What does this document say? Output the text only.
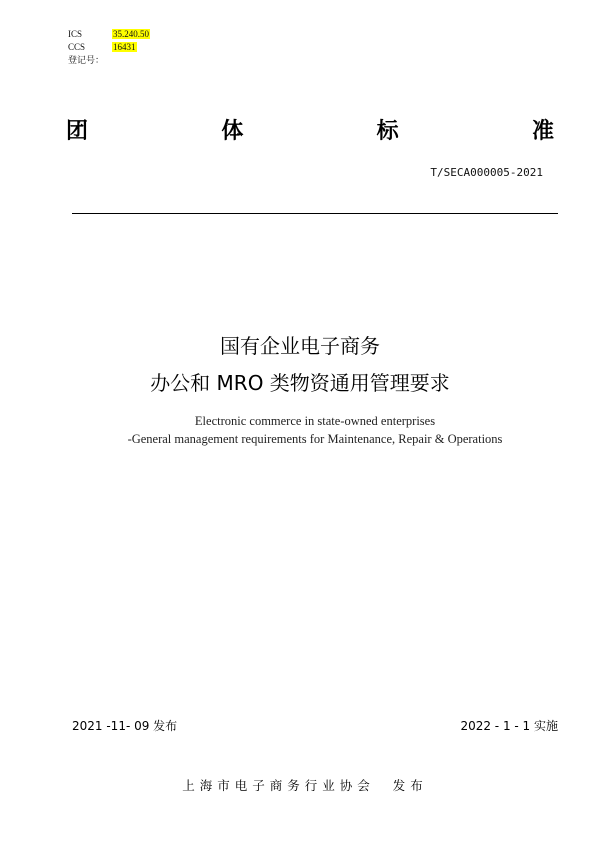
ICS	35.240.50
CCS	16431
登记号：
团	体	标	准
T/SECA000005-2021
国有企业电子商务
办公和 MRO 类物资通用管理要求
Electronic commerce in state-owned enterprises
-General management requirements for Maintenance, Repair & Operations
2021 -11- 09 发布	2022 - 1 - 1 实施
上海市电子商务行业协会 发布
